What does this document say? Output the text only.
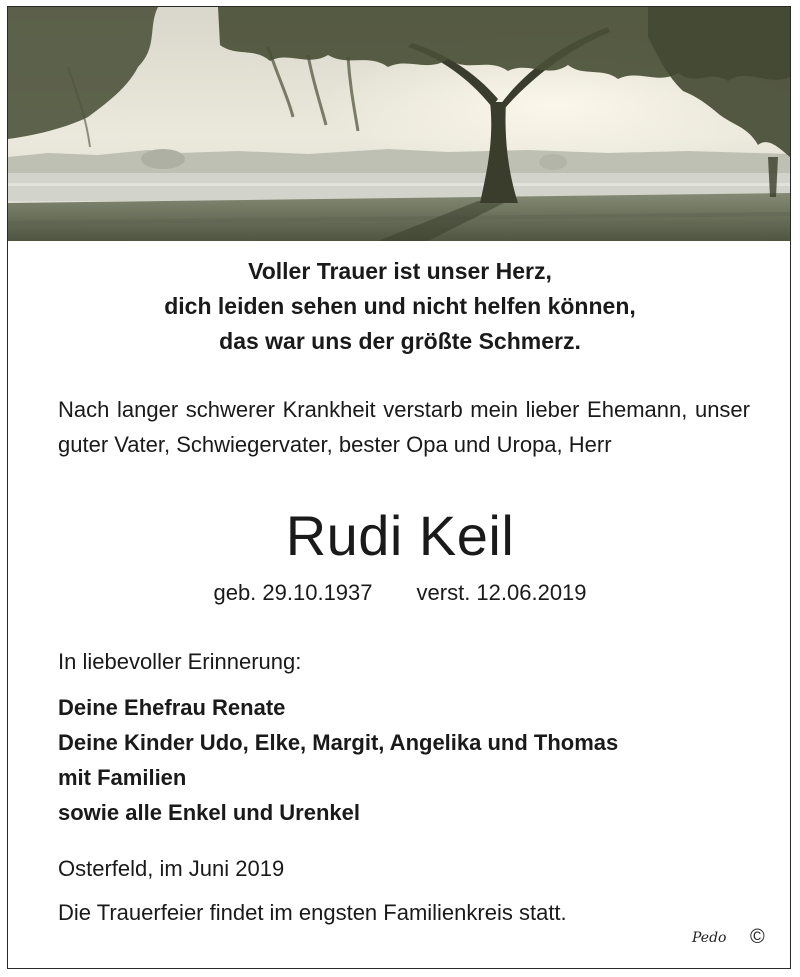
Voller Trauer ist unser Herz,
dich leiden sehen und nicht helfen können,
das war uns der größte Schmerz.
Nach langer schwerer Krankheit verstarb mein lieber Ehemann, unser guter Vater, Schwiegervater, bester Opa und Uropa, Herr
Rudi Keil
geb. 29.10.1937 verst. 12.06.2019
In liebevoller Erinnerung:
Deine Ehefrau Renate
Deine Kinder Udo, Elke, Margit, Angelika und Thomas
mit Familien
sowie alle Enkel und Urenkel
Osterfeld, im Juni 2019
Die Trauerfeier findet im engsten Familienkreis statt.
Pedo ©
